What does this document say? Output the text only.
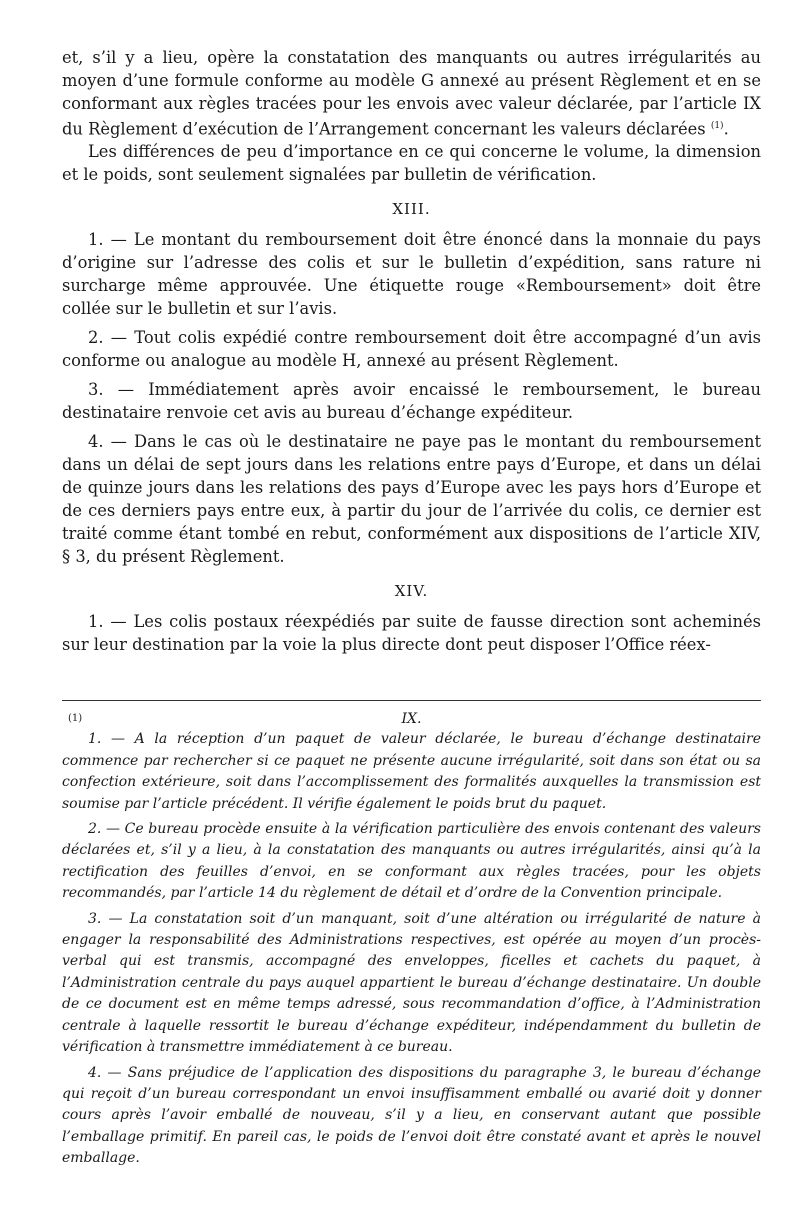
et, s’il y a lieu, opère la constatation des manquants ou autres irrégularités au moyen d’une formule conforme au modèle G annexé au présent Règlement et en se conformant aux règles tracées pour les envois avec valeur déclarée, par l’article IX du Règlement d’exécution de l’Arrangement concernant les valeurs déclarées $^{(1)}$.

Les différences de peu d’importance en ce qui concerne le volume, la dimension et le poids, sont seulement signalées par bulletin de vérification.

XIII.

1. — Le montant du remboursement doit être énoncé dans la monnaie du pays d’origine sur l’adresse des colis et sur le bulletin d’expédition, sans rature ni surcharge même approuvée. Une étiquette rouge «Remboursement» doit être collée sur le bulletin et sur l’avis.

2. — Tout colis expédié contre remboursement doit être accompagné d’un avis conforme ou analogue au modèle H, annexé au présent Règlement.

3. — Immédiatement après avoir encaissé le remboursement, le bureau destinataire renvoie cet avis au bureau d’échange expéditeur.

4. — Dans le cas où le destinataire ne paye pas le montant du remboursement dans un délai de sept jours dans les relations entre pays d’Europe, et dans un délai de quinze jours dans les relations des pays d’Europe avec les pays hors d’Europe et de ces derniers pays entre eux, à partir du jour de l’arrivée du colis, ce dernier est traité comme étant tombé en rebut, conformément aux dispositions de l’article XIV, § 3, du présent Règlement.

XIV.

1. — Les colis postaux réexpédiés par suite de fausse direction sont acheminés sur leur destination par la voie la plus directe dont peut disposer l’Office réex-

(1)	IX.

1. — A la réception d’un paquet de valeur déclarée, le bureau d’échange destinataire commence par rechercher si ce paquet ne présente aucune irrégularité, soit dans son état ou sa confection extérieure, soit dans l’accomplissement des formalités auxquelles la transmission est soumise par l’article précédent. Il vérifie également le poids brut du paquet.

2. — Ce bureau procède ensuite à la vérification particulière des envois contenant des valeurs déclarées et, s’il y a lieu, à la constatation des manquants ou autres irrégularités, ainsi qu’à la rectification des feuilles d’envoi, en se conformant aux règles tracées, pour les objets recommandés, par l’article 14 du règlement de détail et d’ordre de la Convention principale.

3. — La constatation soit d’un manquant, soit d’une altération ou irrégularité de nature à engager la responsabilité des Administrations respectives, est opérée au moyen d’un procès-verbal qui est transmis, accompagné des enveloppes, ficelles et cachets du paquet, à l’Administration centrale du pays auquel appartient le bureau d’échange destinataire. Un double de ce document est en même temps adressé, sous recommandation d’office, à l’Administration centrale à laquelle ressortit le bureau d’échange expéditeur, indépendamment du bulletin de vérification à transmettre immédiatement à ce bureau.

4. — Sans préjudice de l’application des dispositions du paragraphe 3, le bureau d’échange qui reçoit d’un bureau correspondant un envoi insuffisamment emballé ou avarié doit y donner cours après l’avoir emballé de nouveau, s’il y a lieu, en conservant autant que possible l’emballage primitif. En pareil cas, le poids de l’envoi doit être constaté avant et après le nouvel emballage.
